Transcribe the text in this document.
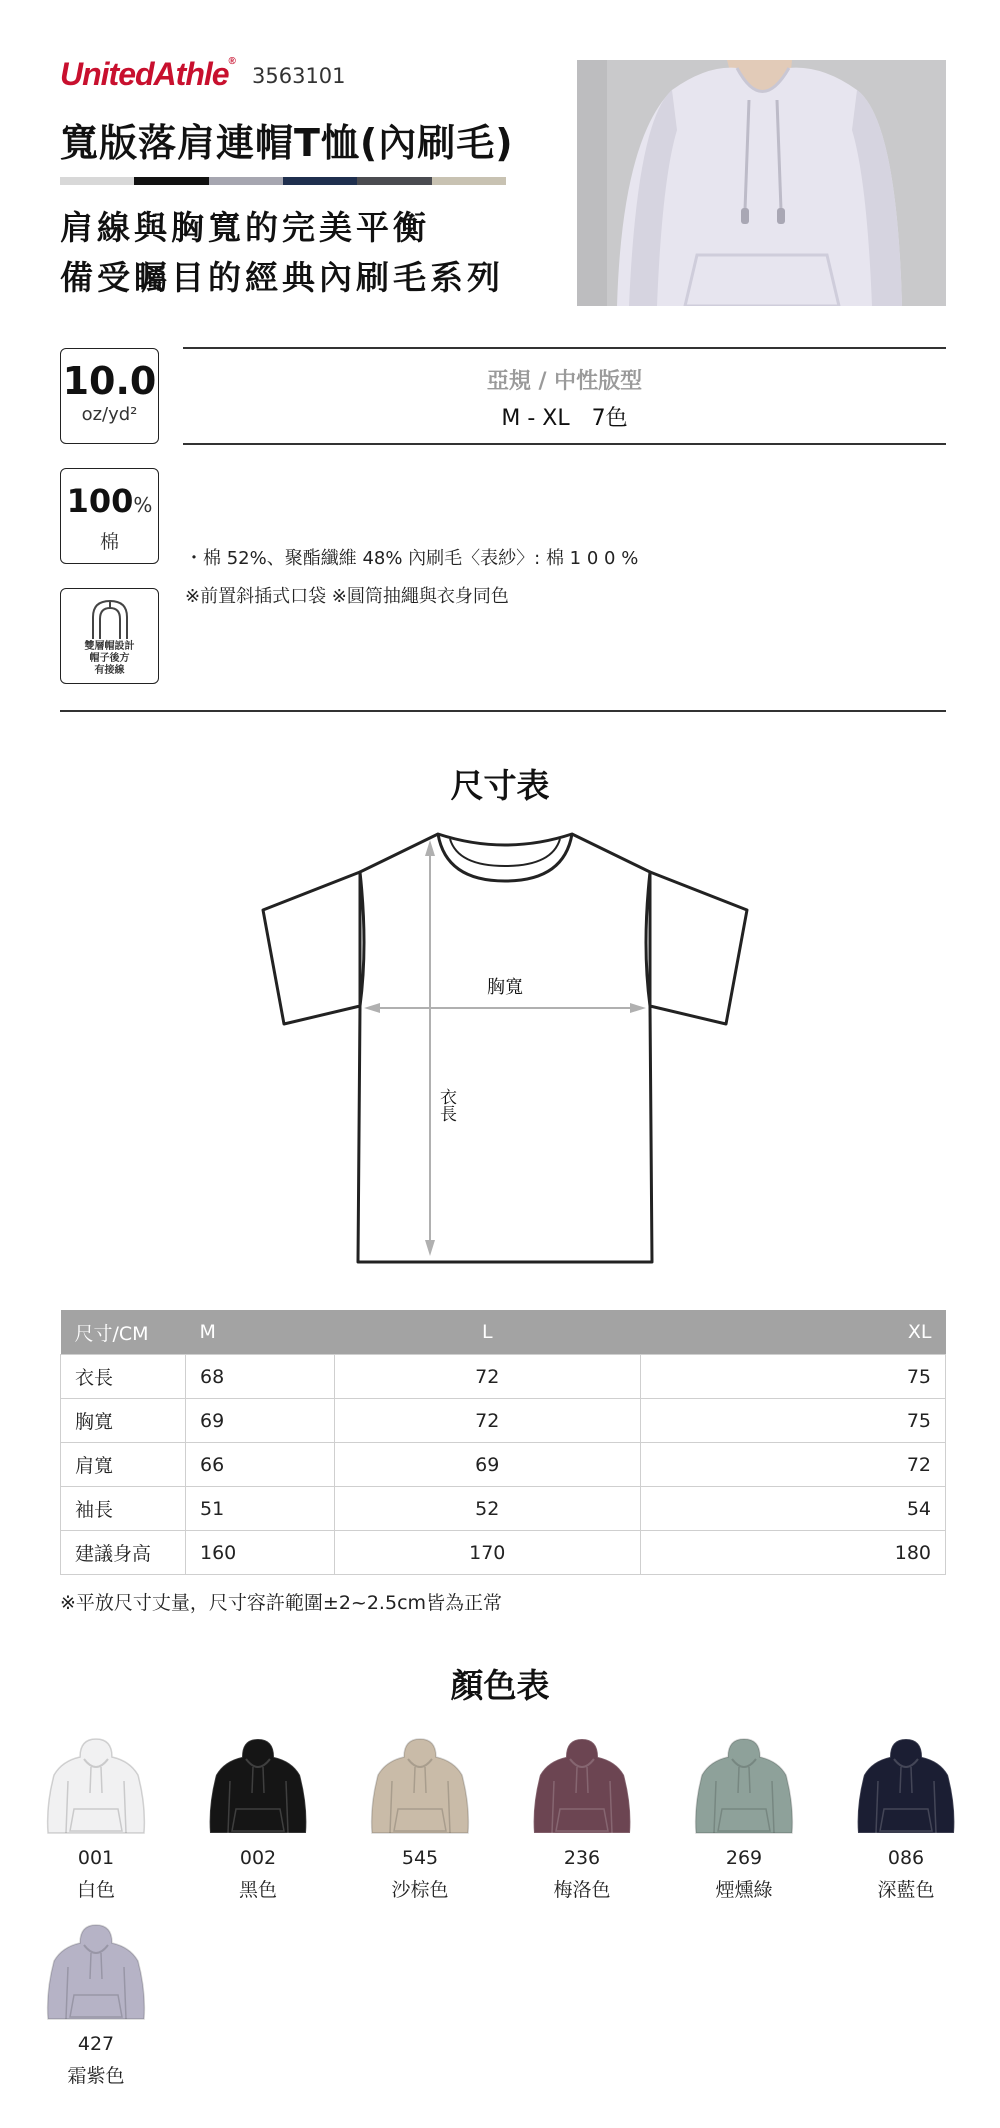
UnitedAthle®
3563101
寬版落肩連帽T恤(內刷毛)
肩線與胸寬的完美平衡
備受矚目的經典內刷毛系列
10.0
oz/yd²
100%
棉
雙層帽設計
帽子後方
有接線
亞規 / 中性版型
M - XL　7色
・棉 52%、聚酯纖維 48% 內刷毛〈表紗〉: 棉 1 0 0 %
※前置斜插式口袋 ※圓筒抽繩與衣身同色
尺寸表
胸寬
衣長
尺寸/CM	M	L	XL
衣長	68	72	75
胸寬	69	72	75
肩寬	66	69	72
袖長	51	52	54
建議身高	160	170	180
※平放尺寸丈量，尺寸容許範圍±2~2.5cm皆為正常
顏色表
001
白色
002
黑色
545
沙棕色
236
梅洛色
269
煙燻綠
086
深藍色
427
霜紫色
